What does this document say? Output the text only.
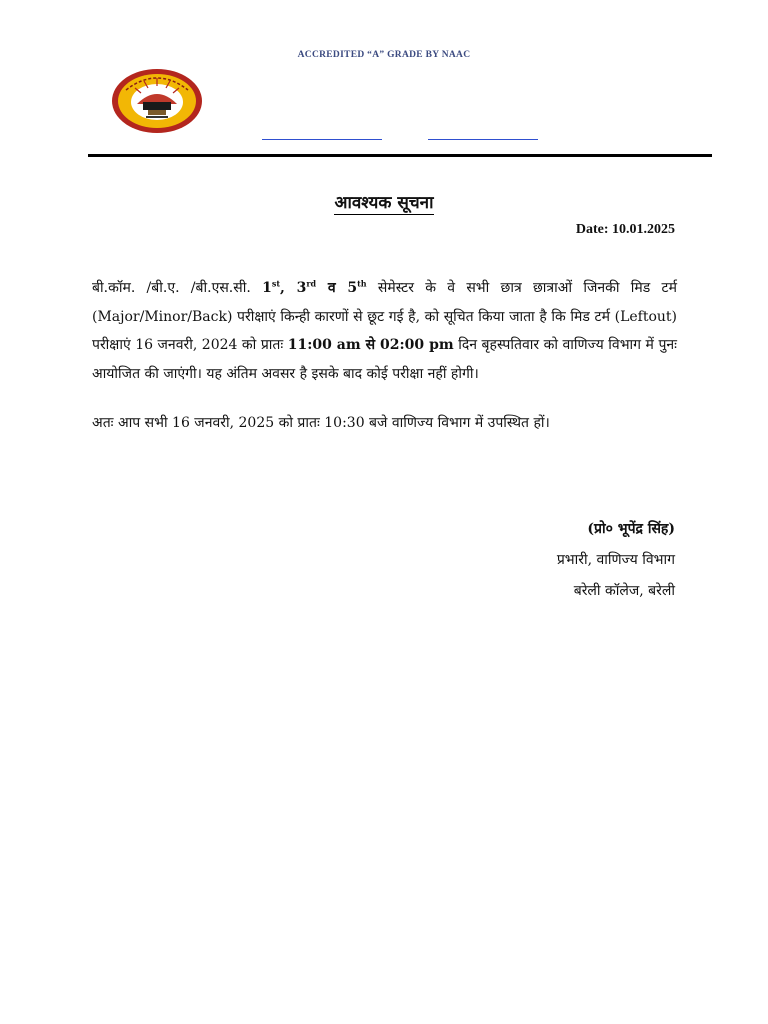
ACCREDITED “A” GRADE BY NAAC
आवश्यक सूचना
Date: 10.01.2025
बी.कॉम. /बी.ए. /बी.एस.सी. 1st, 3rd व 5th सेमेस्टर के वे सभी छात्र छात्राओं जिनकी मिड टर्म (Major/Minor/Back) परीक्षाएं किन्ही कारणों से छूट गई है, को सूचित किया जाता है कि मिड टर्म (Leftout) परीक्षाएं 16 जनवरी, 2024 को प्रातः 11:00 am से 02:00 pm दिन बृहस्पतिवार को वाणिज्य विभाग में पुनः आयोजित की जाएंगी। यह अंतिम अवसर है इसके बाद कोई परीक्षा नहीं होगी।
अतः आप सभी 16 जनवरी, 2025 को प्रातः 10:30 बजे वाणिज्य विभाग में उपस्थित हों।
(प्रो० भूपेंद्र सिंह)
प्रभारी, वाणिज्य विभाग
बरेली कॉलेज, बरेली
